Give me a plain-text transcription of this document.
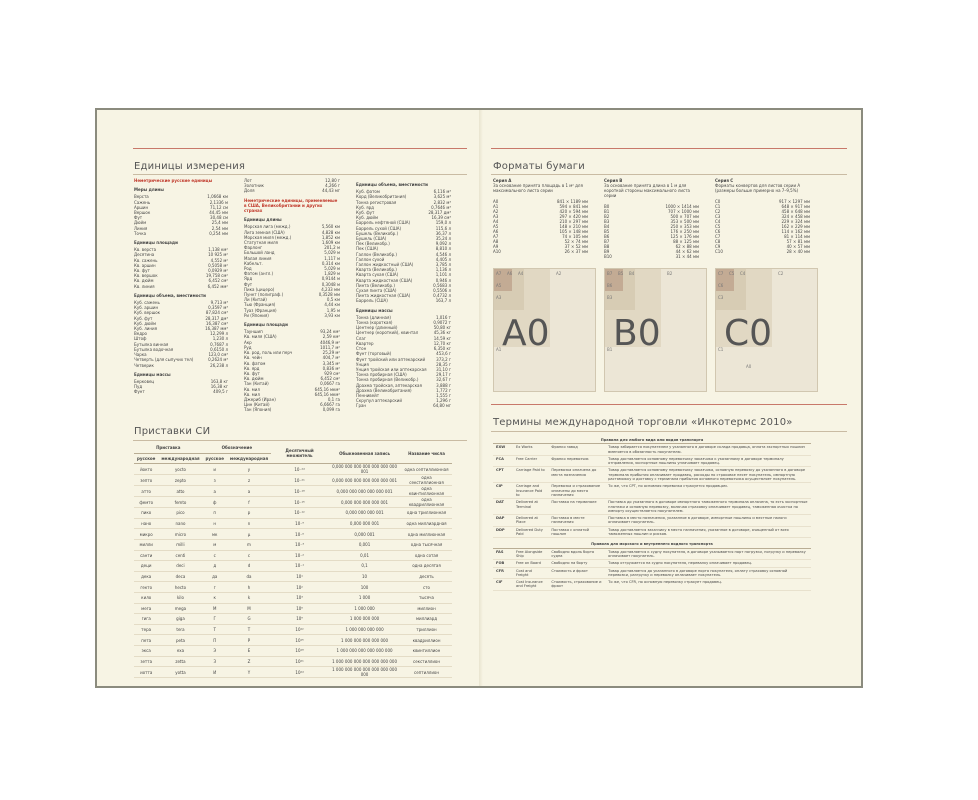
Единицы измерения
Неметрические русские единицы
Меры длины
Верста	1,0668 км
Сажень	2,1336 м
Аршин	71,12 см
Вершок	44,45 мм
Фут	30,48 см
Дюйм	25,4 мм
Линия	2,54 мм
Точка	0,254 мм
Единицы площади
Кв. верста	1,138 км²
Десятина	10 925 м²
Кв. сажень	4,552 м²
Кв. аршин	0,5058 м²
Кв. фут	0,0929 м²
Кв. вершок	19,758 см²
Кв. дюйм	6,452 см²
Кв. линия	6,452 мм²
Единицы объема, вместимости
Куб. сажень	9,713 м³
Куб. аршин	0,3597 м³
Куб. вершок	87,824 см³
Куб. фут	28,317 дм³
Куб. дюйм	16,387 см³
Куб. линия	16,387 мм³
Ведро	12,299 л
Штоф	1,230 л
Бутылка винная	0,7687 л
Бутылка водочная	0,6150 л
Чарка	123,0 см³
Четверть (для сыпучих тел)	0,2624 м³
Четверик	26,238 л
Единицы массы
Берковец	163,8 кг
Пуд	16,38 кг
Фунт	409,5 г
Лот	12,80 г
Золотник	4,266 г
Доля	44,43 мг
Неметрические единицы, применяемые в США, Великобритании и других странах
Единицы длины
Морская лига (межд.)	5,560 км
Лига земная (США)	4,828 км
Морская миля (межд.)	1,852 км
Статутная миля	1,609 км
Фарлонг	201,2 м
Большой ланд	5,029 м
Малая линия	1,117 м
Кабельт.	0,314 км
Род	5,029 м
Фатом (англ.)	1,829 м
Ярд	0,9144 м
Фут	0,3048 м
Пика (цицеро)	4,233 мм
Пункт (полиграф.)	0,3528 мм
Ли (Китай)	0,5 км
Тью (Франция)	4,44 км
Туаз (Франция)	1,95 м
Ри (Япония)	3,93 км
Единицы площади
Тауншип	93,24 км²
Кв. миля (США)	2,59 км²
Акр	4046,9 м²
Руд	1011,7 м²
Кв. род, поль или перч	25,29 м²
Кв. чейн	404,7 м²
Кв. фатом	3,345 м²
Кв. ярд	0,836 м²
Кв. фут	929 см²
Кв. дюйм	6,452 см²
Тан (Китай)	0,0667 га
Кв. мил	645,16 мкм²
Кв. мил	645,16 мкм²
Джериб (Иран)	0,1 га
Цин (Китай)	6,6667 га
Тан (Япония)	0,099 га
Единицы объема, вместимости
Куб. фатом	6,116 м³
Корд (Великобритания)	3,625 м³
Тонна регистровая	2,832 м³
Куб. ярд	0,7646 м³
Куб. фут	28,317 дм³
Куб. дюйм	16,39 см³
Баррель нефтяной (США)	159,0 л
Баррель сухой (США)	115,6 л
Бушель (Великобр.)	36,37 л
Бушель (США)	35,24 л
Пек (Великобр.)	9,092 л
Пек (США)	8,810 л
Галлон (Великобр.)	4,546 л
Галлон сухой	4,405 л
Галлон жидкостный (США)	3,785 л
Кварта (Великобр.)	1,136 л
Кварта сухая (США)	1,101 л
Кварта жидкостная (США)	0,946 л
Пинта (Великобр.)	0,5683 л
Сухая пинта (США)	0,5506 л
Пинта жидкостная (США)	0,4732 л
Баррель (США)	163,7 л
Единицы массы
Тонна (длинная)	1,016 т
Тонна (короткая)	0,9072 т
Центнер (длинный)	50,80 кг
Центнер (короткий), квинтал	45,36 кг
Слаг	14,59 кг
Квартер	12,70 кг
Стон	6,350 кг
Фунт (торговый)	453,6 г
Фунт тройский или аптекарский	373,2 г
Унция	28,35 г
Унция тройская или аптекарская 31,10 г
Тонна пробирная (США)	29,17 г
Тонна пробирная (Великобр.)	32,67 г
Драхма тройская, аптекарская	3,888 г
Драхма (Великобритания)	1,772 г
Пеннивейт	1,555 г
Скрупул аптекарский	1,296 г
Гран	64,80 мг
Приставки СИ
Приставка		Обозначение		Десятичный множитель	Обыкновенная запись	Название числа
русское	международная	русское	международная			
йокто	yocto	и	y	10⁻²⁴	0,000 000 000 000 000 000 000 001	одна септиллионная
зепто	zepto	з	z	10⁻²¹	0,000 000 000 000 000 000 001	одна секстиллионная
атто	atto	а	a	10⁻¹⁸	0,000 000 000 000 000 001	одна квинтиллионная
фемто	femto	ф	f	10⁻¹⁵	0,000 000 000 000 001	одна квадриллионная
пико	pico	п	p	10⁻¹²	0,000 000 000 001	одна триллионная
нано	nano	н	n	10⁻⁹	0,000 000 001	одна миллиардная
микро	micro	мк	µ	10⁻⁶	0,000 001	одна миллионная
милли	milli	м	m	10⁻³	0,001	одна тысячная
санти	centi	с	c	10⁻²	0,01	одна сотая
деци	deci	д	d	10⁻¹	0,1	одна десятая
дека	deca	да	da	10¹	10	десять
гекто	hecto	г	h	10²	100	сто
кило	kilo	к	k	10³	1 000	тысяча
мега	mega	М	M	10⁶	1 000 000	миллион
гига	giga	Г	G	10⁹	1 000 000 000	миллиард
тера	tera	Т	T	10¹²	1 000 000 000 000	триллион
пета	peta	П	P	10¹⁵	1 000 000 000 000 000	квадриллион
экса	exa	Э	E	10¹⁸	1 000 000 000 000 000 000	квинтиллион
зетта	zetta	З	Z	10²¹	1 000 000 000 000 000 000 000	секстиллион
иотта	yotta	И	Y	10²⁴	1 000 000 000 000 000 000 000 000	септиллион
Форматы бумаги
Серия А
За основание принята площадь в 1 м² для максимального листа серии
A0	841 × 1189 мм
A1	594 × 841 мм
A2	420 × 594 мм
A3	297 × 420 мм
A4	210 × 297 мм
A5	148 × 210 мм
A6	105 × 148 мм
A7	74 × 105 мм
A8	52 × 74 мм
A9	37 × 52 мм
A10	26 × 37 мм
Серия В
За основание принята длина в 1 м для короткой стороны максимального листа серии
B0	1000 × 1414 мм
B1	707 × 1000 мм
B2	500 × 707 мм
B3	353 × 500 мм
B4	250 × 353 мм
B5	176 × 250 мм
B6	125 × 176 мм
B7	88 × 125 мм
B8	62 × 88 мм
B9	44 × 62 мм
B10	31 × 44 мм
Серия С
Форматы конвертов для листов серии А (размеры больше примерно на 7–9,5%)
C0	917 × 1297 мм
C1	648 × 917 мм
C2	458 × 648 мм
C3	324 × 458 мм
C4	229 × 324 мм
C5	162 × 229 мм
C6	114 × 162 мм
C7	81 × 114 мм
C8	57 × 81 мм
C9	40 × 57 мм
C10	28 × 40 мм
A7 A6 A4	A2
A5
A3
A1 A0
B7 B5 B4	B2
B6
B3
B1 B0
C7 C5 C4	C2
C6
C3
C1
A0
C0
Термины международной торговли «Инкотермс 2010»
Правила для любого вида или видов транспорта			
EXW	Ex Works	Франко завод	Товар забирается покупателем у указанного в договоре склада продавца, оплата экспортных пошлин вменяется в обязанность покупателю.
FCA	Free Carrier	Франко перевозчик	Товар доставляется основному перевозчику заказчика к указанному в договоре терминалу отправления, экспортные пошлины уплачивает продавец.
CPT	Carriage Paid to	Перевозка оплачена до места назначения	Товар доставляется основному перевозчику заказчика, основную перевозку до указанного в договоре терминала прибытия оплачивает продавец, расходы по страховке несет покупатель, импортную растаможку и доставку с терминала прибытия основного перевозчика осуществляет покупатель.
CIP	Carriage and Insurance Paid to	Перевозка и страхование оплачены до места назначения	То же, что CPT, но основная перевозка страхуется продавцом.
DAT	Delivered at Terminal	Поставка на терминале	Поставка до указанного в договоре импортного таможенного терминала оплачена, то есть экспортные платежи и основную перевозку, включая страховку оплачивает продавец, таможенная очистка по импорту осуществляется покупателем.
DAP	Delivered at Place	Поставка в месте назначения	Поставка в место назначения, указанное в договоре, импортные пошлины и местные налоги оплачивает покупатель.
DDP	Delivered Duty Paid	Поставка с оплатой пошлин	Товар доставляется заказчику в место назначения, указанное в договоре, очищенный от всех таможенных пошлин и рисков.
Правила для морского и внутреннего водного транспорта			
FAS	Free Alongside Ship	Свободно вдоль борта судна	Товар доставляется к судну покупателя, в договоре указывается порт погрузки, погрузку и перевалку оплачивает покупатель.
FOB	Free on Board	Свободно на борту	Товар отгружается на судно покупателя, перевалку оплачивает продавец.
CFR	Cost and Freight	Стоимость и фрахт	Товар доставляется до указанного в договоре порта покупателя, оплату страховку основной перевозки, разгрузку и перевалку оплачивает покупатель.
CIF	Cost Insurance and Freight	Стоимость, страхование и фрахт	То же, что CFR, но основную перевозку страхует продавец.
